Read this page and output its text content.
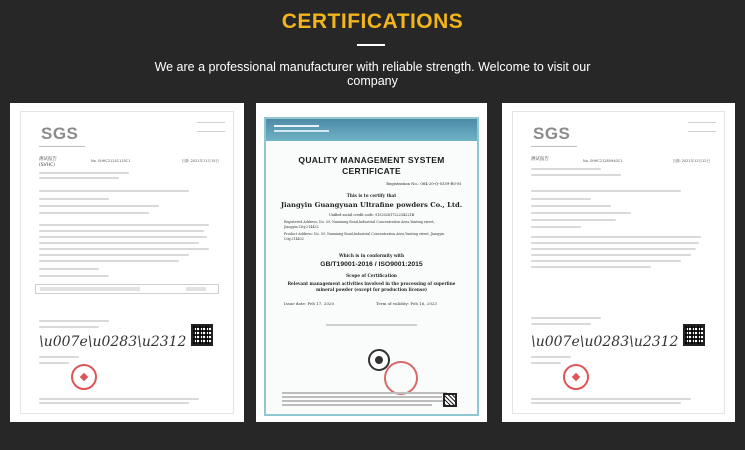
CERTIFICATIONS
We are a professional manufacturer with reliable strength. Welcome to visit our company
SGS
测试报告
(SVHC)
No. SHHC21241115C1	日期: 2021年11月15日
\u007e\u0283\u2312
QUALITY MANAGEMENT SYSTEM
CERTIFICATE
Registration No.: 064-20-Q-0339-R0-M
This is to certify that
Jiangyin Guangyuan Ultrafine powders Co., Ltd.
Unified social credit code: 91320281722234221B
Registered Address: No. 59, Nanxiang Road,Industrial Concentration Area,Yunting street,
Jiangyin City,214432
Product Address: No. 59, Nanxiang Road,Industrial Concentration Area,Yunting street, Jiangyin
City,214432
Which is in conformity with
GB/T19001-2016 / ISO9001:2015
Scope of Certification
Relevant management activities involved in the processing of superfine
mineral powder (except for production license)
Issue date: Feb 17, 2020	Term of validity: Feb 16, 2023
SGS
测试报告	No. SHHC21280940C1	日期: 2021年12月12日
\u007e\u0283\u2312
